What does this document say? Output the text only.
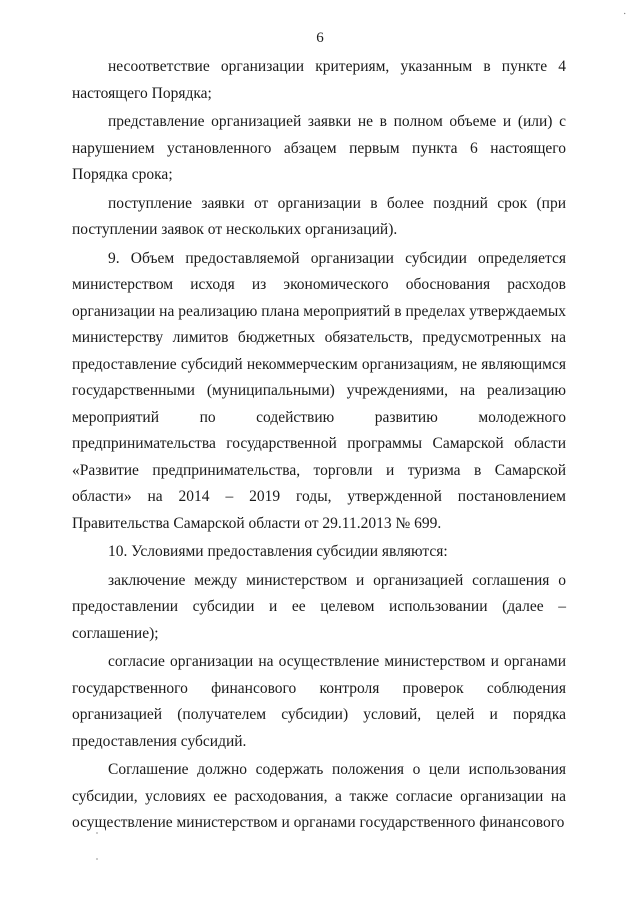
⸱
6

несоответствие организации критериям, указанным в пункте 4 настоящего Порядка;

представление организацией заявки не в полном объеме и (или) с нарушением установленного абзацем первым пункта 6 настоящего Порядка срока;

поступление заявки от организации в более поздний срок (при поступлении заявок от нескольких организаций).

9. Объем предоставляемой организации субсидии определяется министерством исходя из экономического обоснования расходов организации на реализацию плана мероприятий в пределах утверждаемых министерству лимитов бюджетных обязательств, предусмотренных на предоставление субсидий некоммерческим организациям, не являющимся государственными (муниципальными) учреждениями, на реализацию мероприятий по содействию развитию молодежного предпринимательства государственной программы Самарской области «Развитие предпринимательства, торговли и туризма в Самарской области» на 2014 – 2019 годы, утвержденной постановлением Правительства Самарской области от 29.11.2013 № 699.

10. Условиями предоставления субсидии являются:

заключение между министерством и организацией соглашения о предоставлении субсидии и ее целевом использовании (далее – соглашение);

согласие организации на осуществление министерством и органами государственного финансового контроля проверок соблюдения организацией (получателем субсидии) условий, целей и порядка предоставления субсидий.

Соглашение должно содержать положения о цели использования субсидии, условиях ее расходования, а также согласие организации на осуществление министерством и органами государственного финансового
